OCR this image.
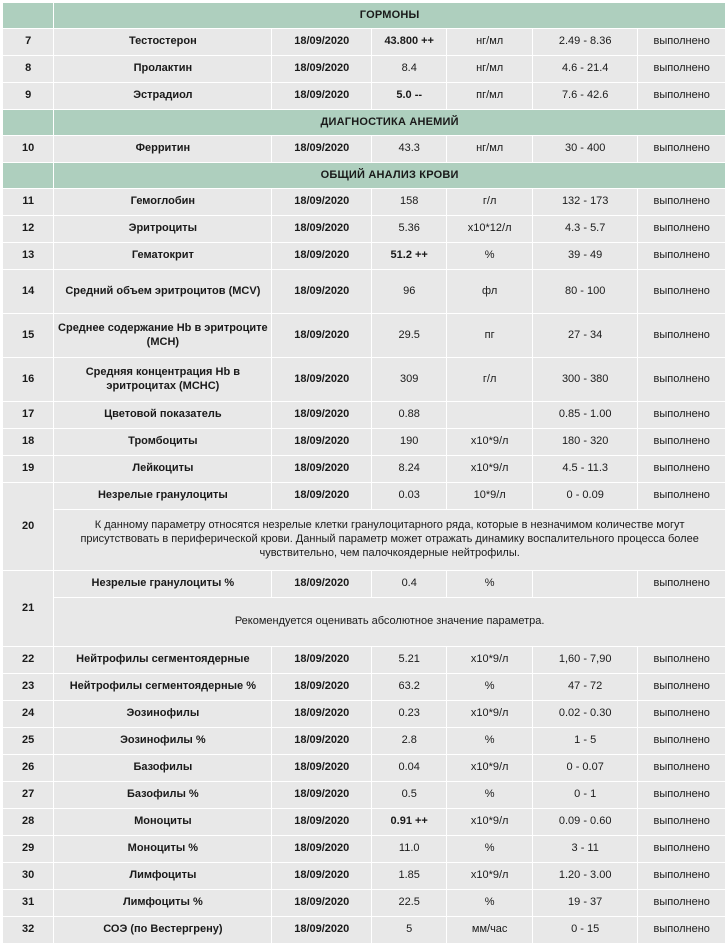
	ГОРМОНЫ					
7	Тестостерон	18/09/2020	43.800 ++	нг/мл	2.49 - 8.36	выполнено
8	Пролактин	18/09/2020	8.4	нг/мл	4.6 - 21.4	выполнено
9	Эстрадиол	18/09/2020	5.0 --	пг/мл	7.6 - 42.6	выполнено
	ДИАГНОСТИКА АНЕМИЙ					
10	Ферритин	18/09/2020	43.3	нг/мл	30 - 400	выполнено
	ОБЩИЙ АНАЛИЗ КРОВИ					
11	Гемоглобин	18/09/2020	158	г/л	132 - 173	выполнено
12	Эритроциты	18/09/2020	5.36	х10*12/л	4.3 - 5.7	выполнено
13	Гематокрит	18/09/2020	51.2 ++	%	39 - 49	выполнено
14	Средний объем эритроцитов (MCV)	18/09/2020	96	фл	80 - 100	выполнено
15	Среднее содержание Hb в эритроците (MCH)	18/09/2020	29.5	пг	27 - 34	выполнено
16	Средняя концентрация Hb в эритроцитах (MCHC)	18/09/2020	309	г/л	300 - 380	выполнено
17	Цветовой показатель	18/09/2020	0.88		0.85 - 1.00	выполнено
18	Тромбоциты	18/09/2020	190	х10*9/л	180 - 320	выполнено
19	Лейкоциты	18/09/2020	8.24	х10*9/л	4.5 - 11.3	выполнено
20	Незрелые гранулоциты	18/09/2020	0.03	10*9/л	0 - 0.09	выполнено
	К данному параметру относятся незрелые клетки гранулоцитарного ряда, которые в незначимом количестве могут присутствовать в периферической крови. Данный параметр может отражать динамику воспалительного процесса более чувствительно, чем палочкоядерные нейтрофилы.					
21	Незрелые гранулоциты %	18/09/2020	0.4	%		выполнено
	Рекомендуется оценивать абсолютное значение параметра.					
22	Нейтрофилы сегментоядерные	18/09/2020	5.21	х10*9/л	1,60 - 7,90	выполнено
23	Нейтрофилы сегментоядерные %	18/09/2020	63.2	%	47 - 72	выполнено
24	Эозинофилы	18/09/2020	0.23	х10*9/л	0.02 - 0.30	выполнено
25	Эозинофилы %	18/09/2020	2.8	%	1 - 5	выполнено
26	Базофилы	18/09/2020	0.04	х10*9/л	0 - 0.07	выполнено
27	Базофилы %	18/09/2020	0.5	%	0 - 1	выполнено
28	Моноциты	18/09/2020	0.91 ++	х10*9/л	0.09 - 0.60	выполнено
29	Моноциты %	18/09/2020	11.0	%	3 - 11	выполнено
30	Лимфоциты	18/09/2020	1.85	х10*9/л	1.20 - 3.00	выполнено
31	Лимфоциты %	18/09/2020	22.5	%	19 - 37	выполнено
32	СОЭ (по Вестергрену)	18/09/2020	5	мм/час	0 - 15	выполнено
